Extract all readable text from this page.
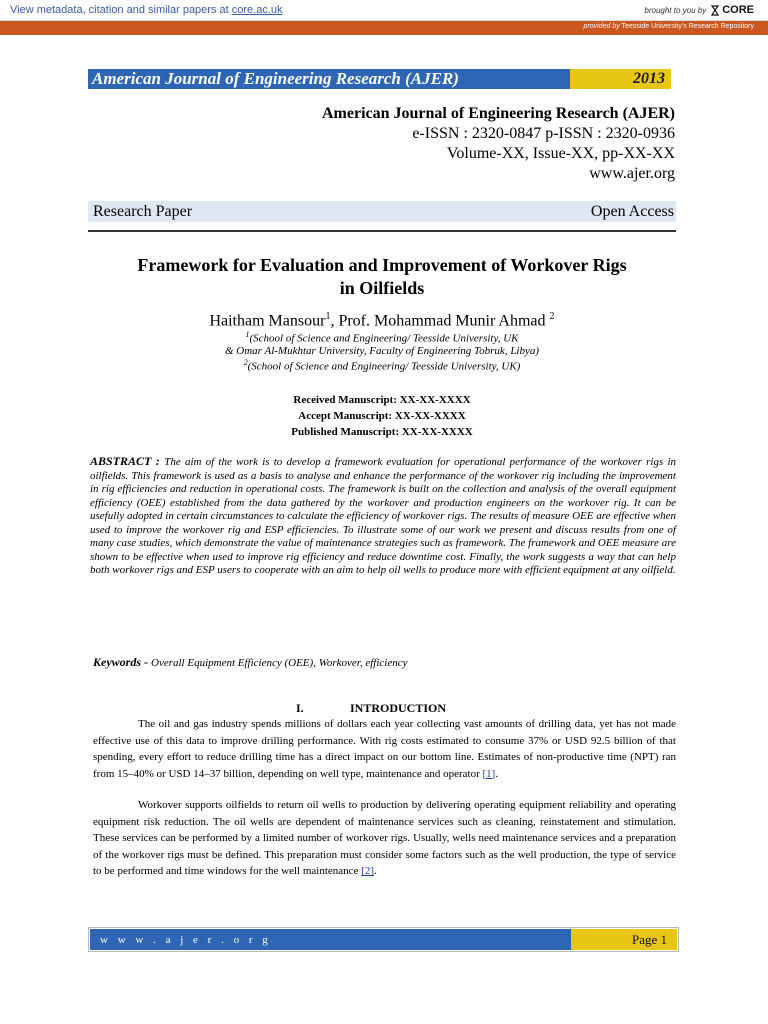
View metadata, citation and similar papers at core.ac.uk	brought to you by CORE
provided by Teesside University's Research Repository
American Journal of Engineering Research (AJER)	2013
American Journal of Engineering Research (AJER)
e-ISSN : 2320-0847 p-ISSN : 2320-0936
Volume-XX, Issue-XX, pp-XX-XX
www.ajer.org
Research Paper	Open Access
Framework for Evaluation and Improvement of Workover Rigs
in Oilfields
Haitham Mansour$^1$, Prof. Mohammad Munir Ahmad $^2$
$^1$(School of Science and Engineering/ Teesside University, UK
& Omar Al-Mukhtar University, Faculty of Engineering Tobruk, Libya)
$^2$(School of Science and Engineering/ Teesside University, UK)
Received Manuscript: XX-XX-XXXX
Accept Manuscript: XX-XX-XXXX
Published Manuscript: XX-XX-XXXX
ABSTRACT : The aim of the work is to develop a framework evaluation for operational performance of the workover rigs in oilfields. This framework is used as a basis to analyse and enhance the performance of the workover rig including the improvement in rig efficiencies and reduction in operational costs. The framework is built on the collection and analysis of the overall equipment efficiency (OEE) established from the data gathered by the workover and production engineers on the workover rig. It can be usefully adopted in certain circumstances to calculate the efficiency of workover rigs. The results of measure OEE are effective when used to improve the workover rig and ESP efficiencies. To illustrate some of our work we present and discuss results from one of many case studies, which demonstrate the value of maintenance strategies such as framework. The framework and OEE measure are shown to be effective when used to improve rig efficiency and reduce downtime cost. Finally, the work suggests a way that can help both workover rigs and ESP users to cooperate with an aim to help oil wells to produce more with efficient equipment at any oilfield.
Keywords - Overall Equipment Efficiency (OEE), Workover, efficiency
I.	INTRODUCTION
The oil and gas industry spends millions of dollars each year collecting vast amounts of drilling data, yet has not made effective use of this data to improve drilling performance. With rig costs estimated to consume 37% or USD 92.5 billion of that spending, every effort to reduce drilling time has a direct impact on our bottom line. Estimates of non-productive time (NPT) ran from 15–40% or USD 14–37 billion, depending on well type, maintenance and operator [1].
Workover supports oilfields to return oil wells to production by delivering operating equipment reliability and operating equipment risk reduction. The oil wells are dependent of maintenance services such as cleaning, reinstatement and stimulation. These services can be performed by a limited number of workover rigs. Usually, wells need maintenance services and a preparation of the workover rigs must be defined. This preparation must consider some factors such as the well production, the type of service to be performed and time windows for the well maintenance [2].
w w w . a j e r . o r g	Page 1
